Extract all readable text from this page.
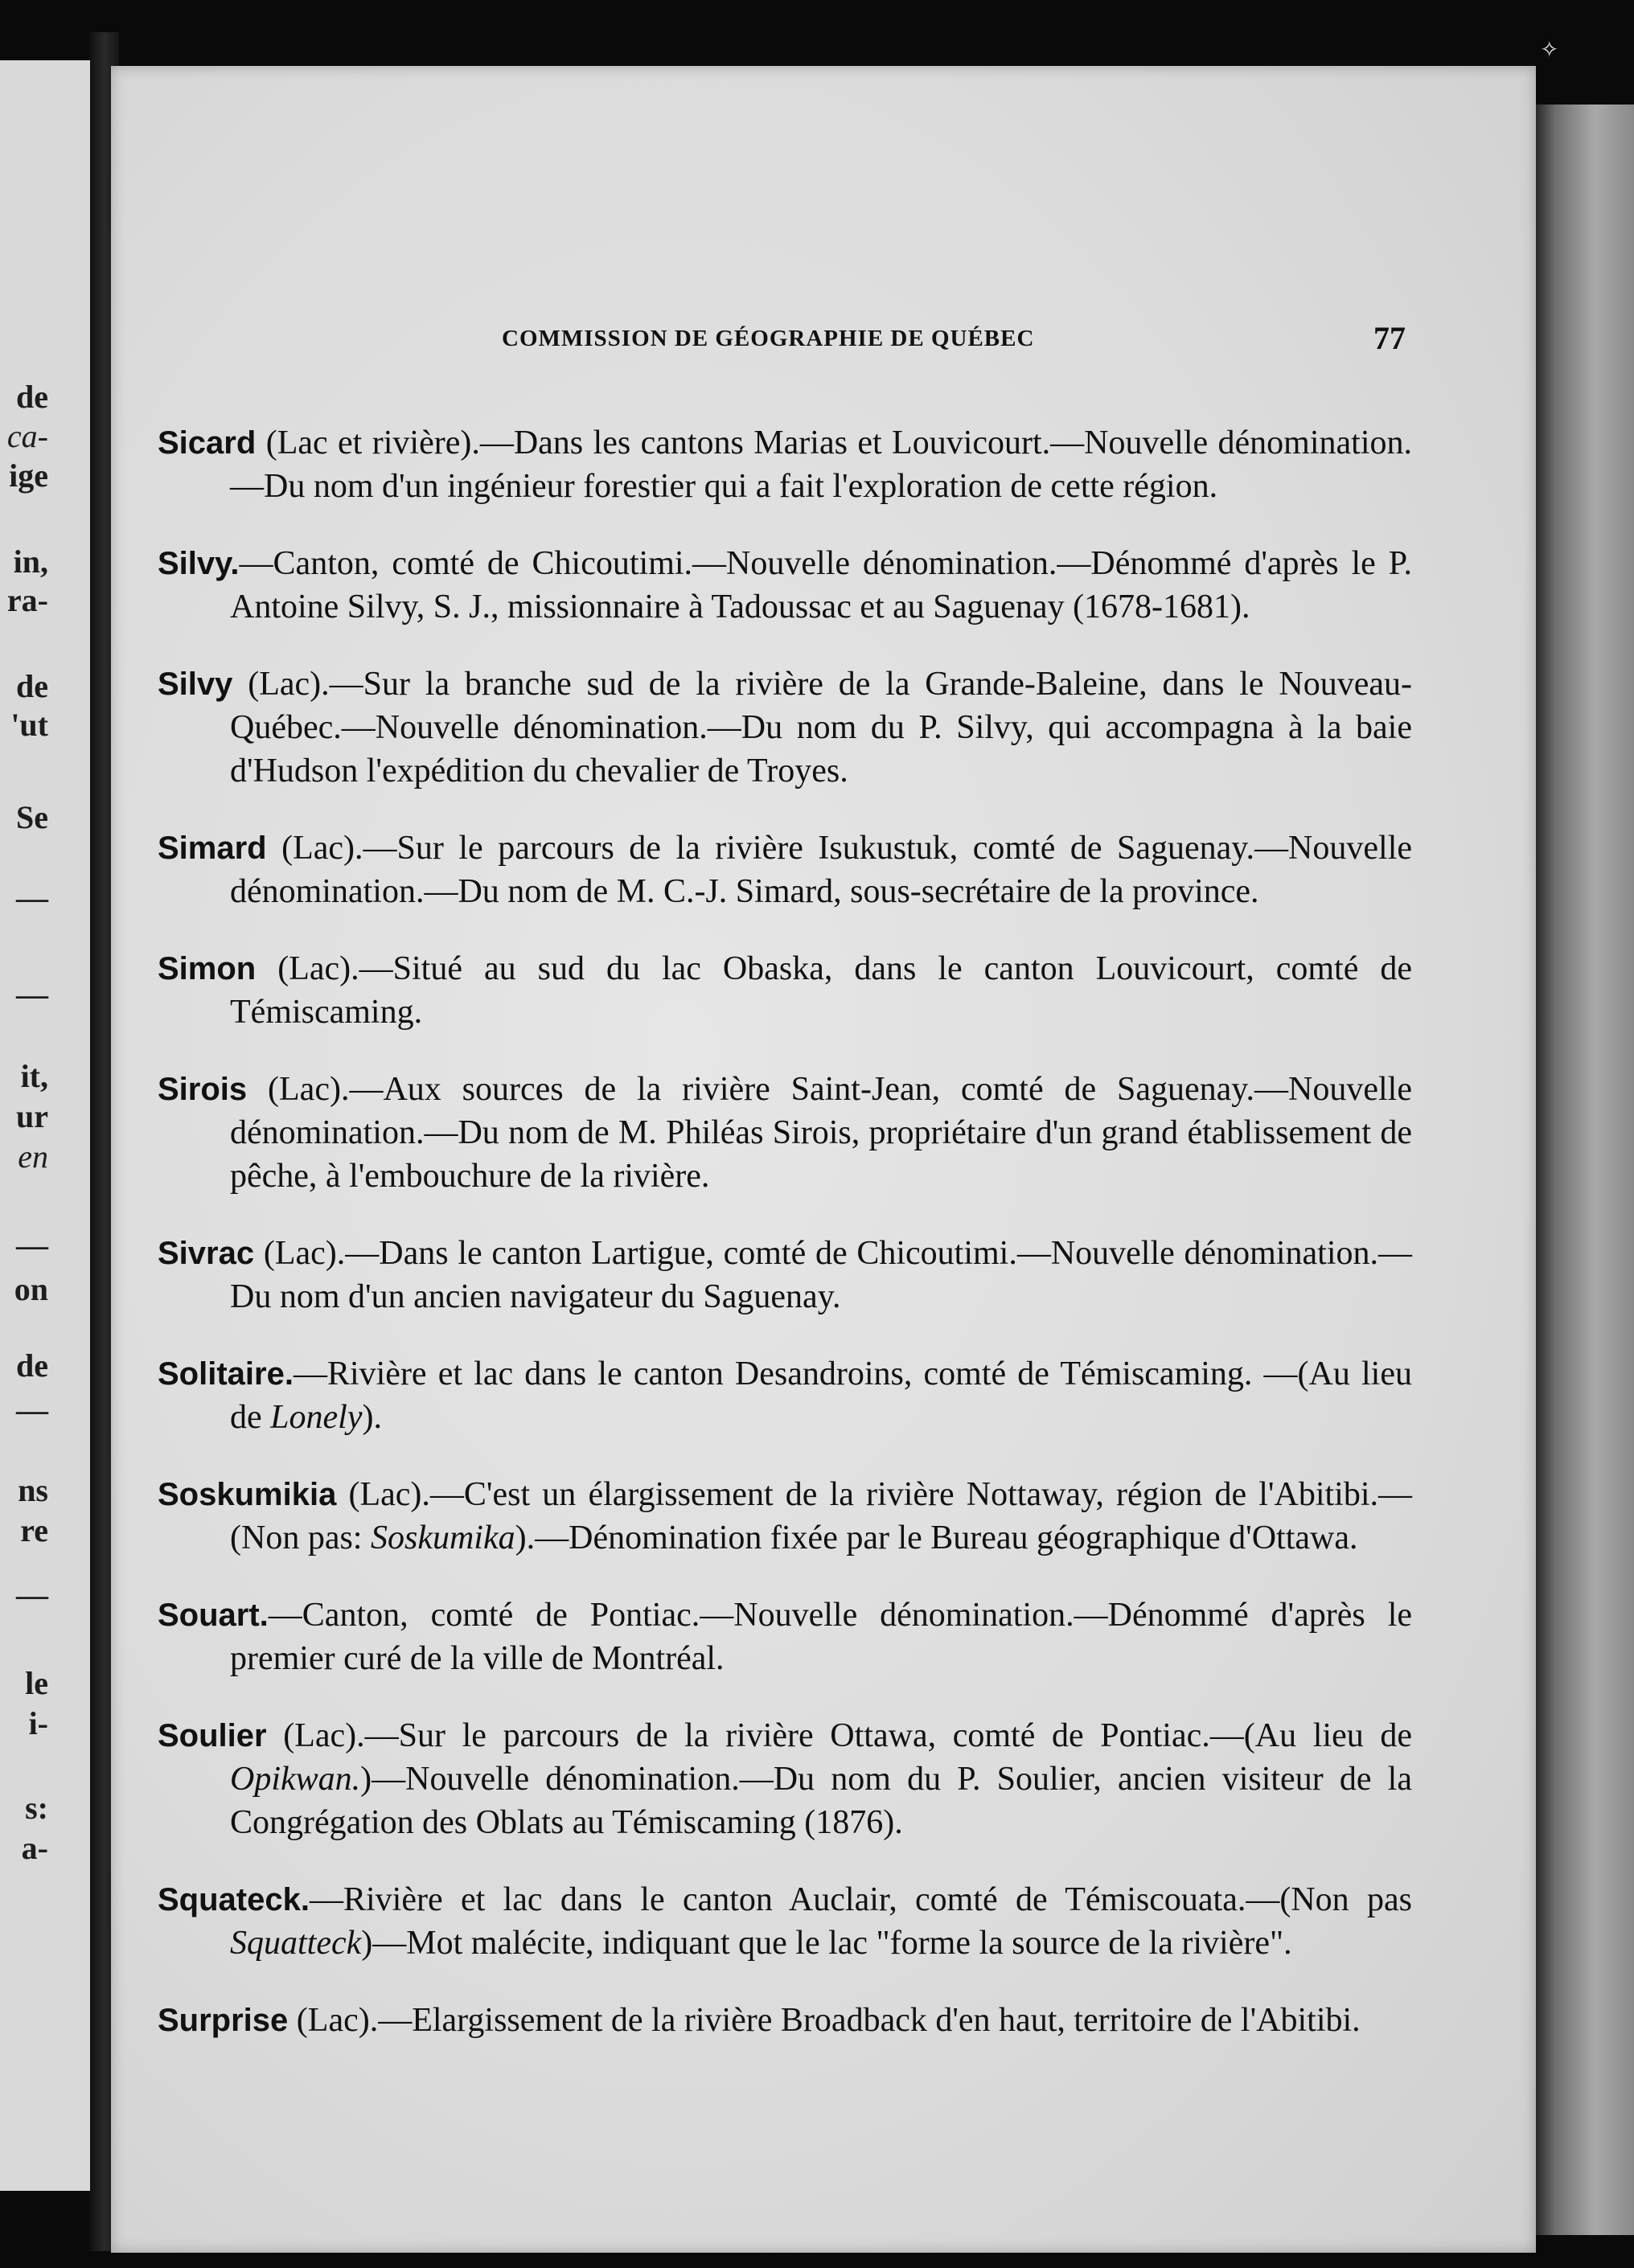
de
ca-
ige
in,
ra-
de
'ut
Se
—
—
it,
ur
en
—
on
de
—
ns
re
—
le
i-
s:
a-
✧
COMMISSION DE GÉOGRAPHIE DE QUÉBEC	77

Sicard (Lac et rivière).—Dans les cantons Marias et Louvicourt.—Nouvelle dénomination.—Du nom d'un ingénieur forestier qui a fait l'exploration de cette région.

Silvy.—Canton, comté de Chicoutimi.—Nouvelle dénomination.—Dénommé d'après le P. Antoine Silvy, S. J., missionnaire à Tadoussac et au Saguenay (1678-1681).

Silvy (Lac).—Sur la branche sud de la rivière de la Grande-Baleine, dans le Nouveau-Québec.—Nouvelle dénomination.—Du nom du P. Silvy, qui accompagna à la baie d'Hudson l'expédition du chevalier de Troyes.

Simard (Lac).—Sur le parcours de la rivière Isukustuk, comté de Saguenay.—Nouvelle dénomination.—Du nom de M. C.-J. Simard, sous-secrétaire de la province.

Simon (Lac).—Situé au sud du lac Obaska, dans le canton Louvicourt, comté de Témiscaming.

Sirois (Lac).—Aux sources de la rivière Saint-Jean, comté de Saguenay.—Nouvelle dénomination.—Du nom de M. Philéas Sirois, propriétaire d'un grand établissement de pêche, à l'embouchure de la rivière.

Sivrac (Lac).—Dans le canton Lartigue, comté de Chicoutimi.—Nouvelle dénomination.—Du nom d'un ancien navigateur du Saguenay.

Solitaire.—Rivière et lac dans le canton Desandroins, comté de Témiscaming. —(Au lieu de Lonely).

Soskumikia (Lac).—C'est un élargissement de la rivière Nottaway, région de l'Abitibi.—(Non pas: Soskumika).—Dénomination fixée par le Bureau géographique d'Ottawa.

Souart.—Canton, comté de Pontiac.—Nouvelle dénomination.—Dénommé d'après le premier curé de la ville de Montréal.

Soulier (Lac).—Sur le parcours de la rivière Ottawa, comté de Pontiac.—(Au lieu de Opikwan.)—Nouvelle dénomination.—Du nom du P. Soulier, ancien visiteur de la Congrégation des Oblats au Témiscaming (1876).

Squateck.—Rivière et lac dans le canton Auclair, comté de Témiscouata.—(Non pas Squatteck)—Mot malécite, indiquant que le lac "forme la source de la rivière".

Surprise (Lac).—Elargissement de la rivière Broadback d'en haut, territoire de l'Abitibi.
